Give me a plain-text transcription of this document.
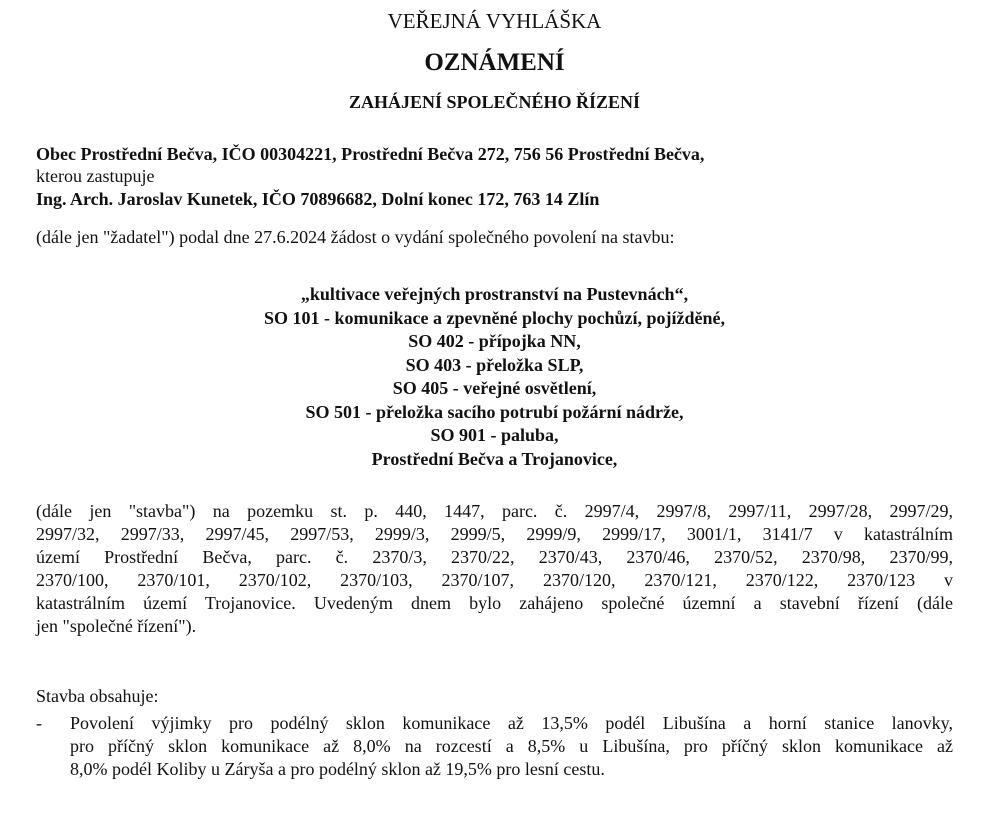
VEŘEJNÁ VYHLÁŠKA
OZNÁMENÍ
ZAHÁJENÍ SPOLEČNÉHO ŘÍZENÍ
Obec Prostřední Bečva, IČO 00304221, Prostřední Bečva 272, 756 56 Prostřední Bečva,
kterou zastupuje
Ing. Arch. Jaroslav Kunetek, IČO 70896682, Dolní konec 172, 763 14 Zlín
(dále jen "žadatel") podal dne 27.6.2024 žádost o vydání společného povolení na stavbu:
„kultivace veřejných prostranství na Pustevnách“,
SO 101 - komunikace a zpevněné plochy pochůzí, pojížděné,
SO 402 - přípojka NN,
SO 403 - přeložka SLP,
SO 405 - veřejné osvětlení,
SO 501 - přeložka sacího potrubí požární nádrže,
SO 901 - paluba,
Prostřední Bečva a Trojanovice,
(dále jen "stavba") na pozemku st. p. 440, 1447, parc. č. 2997/4, 2997/8, 2997/11, 2997/28, 2997/29,
2997/32, 2997/33, 2997/45, 2997/53, 2999/3, 2999/5, 2999/9, 2999/17, 3001/1, 3141/7 v katastrálním
území Prostřední Bečva, parc. č. 2370/3, 2370/22, 2370/43, 2370/46, 2370/52, 2370/98, 2370/99,
2370/100, 2370/101, 2370/102, 2370/103, 2370/107, 2370/120, 2370/121, 2370/122, 2370/123 v
katastrálním území Trojanovice. Uvedeným dnem bylo zahájeno společné územní a stavební řízení (dále
jen "společné řízení").
Stavba obsahuje:
- Povolení výjimky pro podélný sklon komunikace až 13,5% podél Libušína a horní stanice lanovky,
pro příčný sklon komunikace až 8,0% na rozcestí a 8,5% u Libušína, pro příčný sklon komunikace až
8,0% podél Koliby u Záryša a pro podélný sklon až 19,5% pro lesní cestu.
